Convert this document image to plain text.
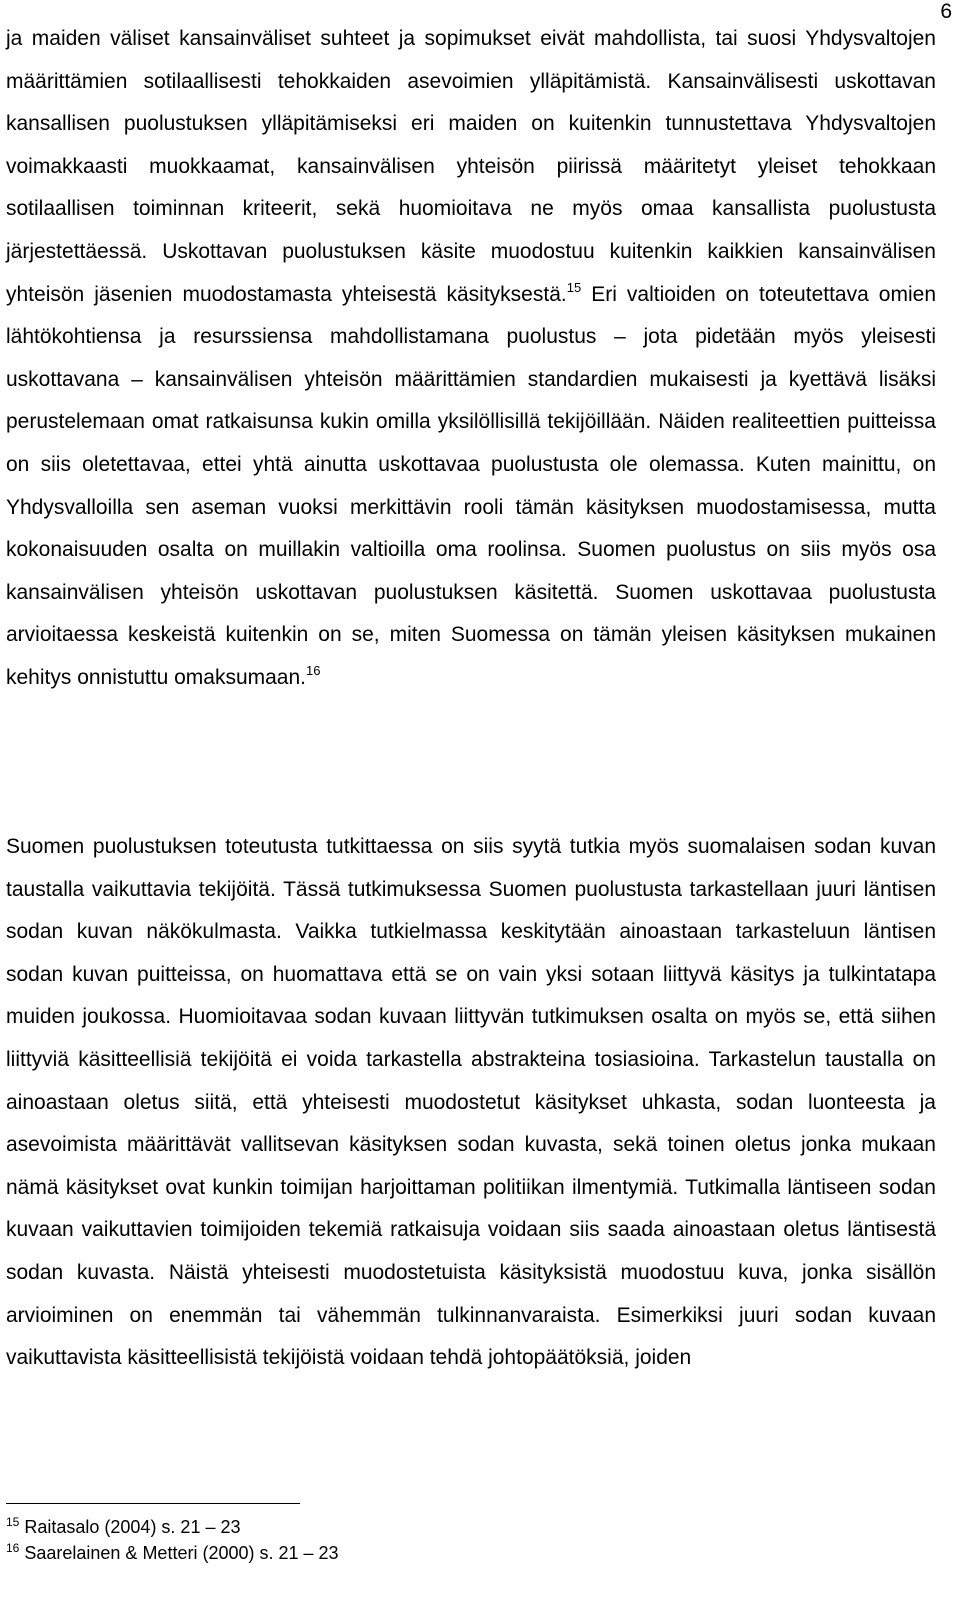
6

ja maiden väliset kansainväliset suhteet ja sopimukset eivät mahdollista, tai suosi Yhdysvaltojen määrittämien sotilaallisesti tehokkaiden asevoimien ylläpitämistä. Kansainvälisesti uskottavan kansallisen puolustuksen ylläpitämiseksi eri maiden on kuitenkin tunnustettava Yhdysvaltojen voimakkaasti muokkaamat, kansainvälisen yhteisön piirissä määritetyt yleiset tehokkaan sotilaallisen toiminnan kriteerit, sekä huomioitava ne myös omaa kansallista puolustusta järjestettäessä. Uskottavan puolustuksen käsite muodostuu kuitenkin kaikkien kansainvälisen yhteisön jäsenien muodostamasta yhteisestä käsityksestä.$^{15}$ Eri valtioiden on toteutettava omien lähtökohtiensa ja resurssiensa mahdollistamana puolustus – jota pidetään myös yleisesti uskottavana – kansainvälisen yhteisön määrittämien standardien mukaisesti ja kyettävä lisäksi perustelemaan omat ratkaisunsa kukin omilla yksilöllisillä tekijöillään. Näiden realiteettien puitteissa on siis oletettavaa, ettei yhtä ainutta uskottavaa puolustusta ole olemassa. Kuten mainittu, on Yhdysvalloilla sen aseman vuoksi merkittävin rooli tämän käsityksen muodostamisessa, mutta kokonaisuuden osalta on muillakin valtioilla oma roolinsa. Suomen puolustus on siis myös osa kansainvälisen yhteisön uskottavan puolustuksen käsitettä. Suomen uskottavaa puolustusta arvioitaessa keskeistä kuitenkin on se, miten Suomessa on tämän yleisen käsityksen mukainen kehitys onnistuttu omaksumaan.$^{16}$

Suomen puolustuksen toteutusta tutkittaessa on siis syytä tutkia myös suomalaisen sodan kuvan taustalla vaikuttavia tekijöitä. Tässä tutkimuksessa Suomen puolustusta tarkastellaan juuri läntisen sodan kuvan näkökulmasta. Vaikka tutkielmassa keskitytään ainoastaan tarkasteluun läntisen sodan kuvan puitteissa, on huomattava että se on vain yksi sotaan liittyvä käsitys ja tulkintatapa muiden joukossa. Huomioitavaa sodan kuvaan liittyvän tutkimuksen osalta on myös se, että siihen liittyviä käsitteellisiä tekijöitä ei voida tarkastella abstrakteina tosiasioina. Tarkastelun taustalla on ainoastaan oletus siitä, että yhteisesti muodostetut käsitykset uhkasta, sodan luonteesta ja asevoimista määrittävät vallitsevan käsityksen sodan kuvasta, sekä toinen oletus jonka mukaan nämä käsitykset ovat kunkin toimijan harjoittaman politiikan ilmentymiä. Tutkimalla läntiseen sodan kuvaan vaikuttavien toimijoiden tekemiä ratkaisuja voidaan siis saada ainoastaan oletus läntisestä sodan kuvasta. Näistä yhteisesti muodostetuista käsityksistä muodostuu kuva, jonka sisällön arvioiminen on enemmän tai vähemmän tulkinnanvaraista. Esimerkiksi juuri sodan kuvaan vaikuttavista käsitteellisistä tekijöistä voidaan tehdä johtopäätöksiä, joiden

$^{15}$ Raitasalo (2004) s. 21 – 23
$^{16}$ Saarelainen & Metteri (2000) s. 21 – 23
